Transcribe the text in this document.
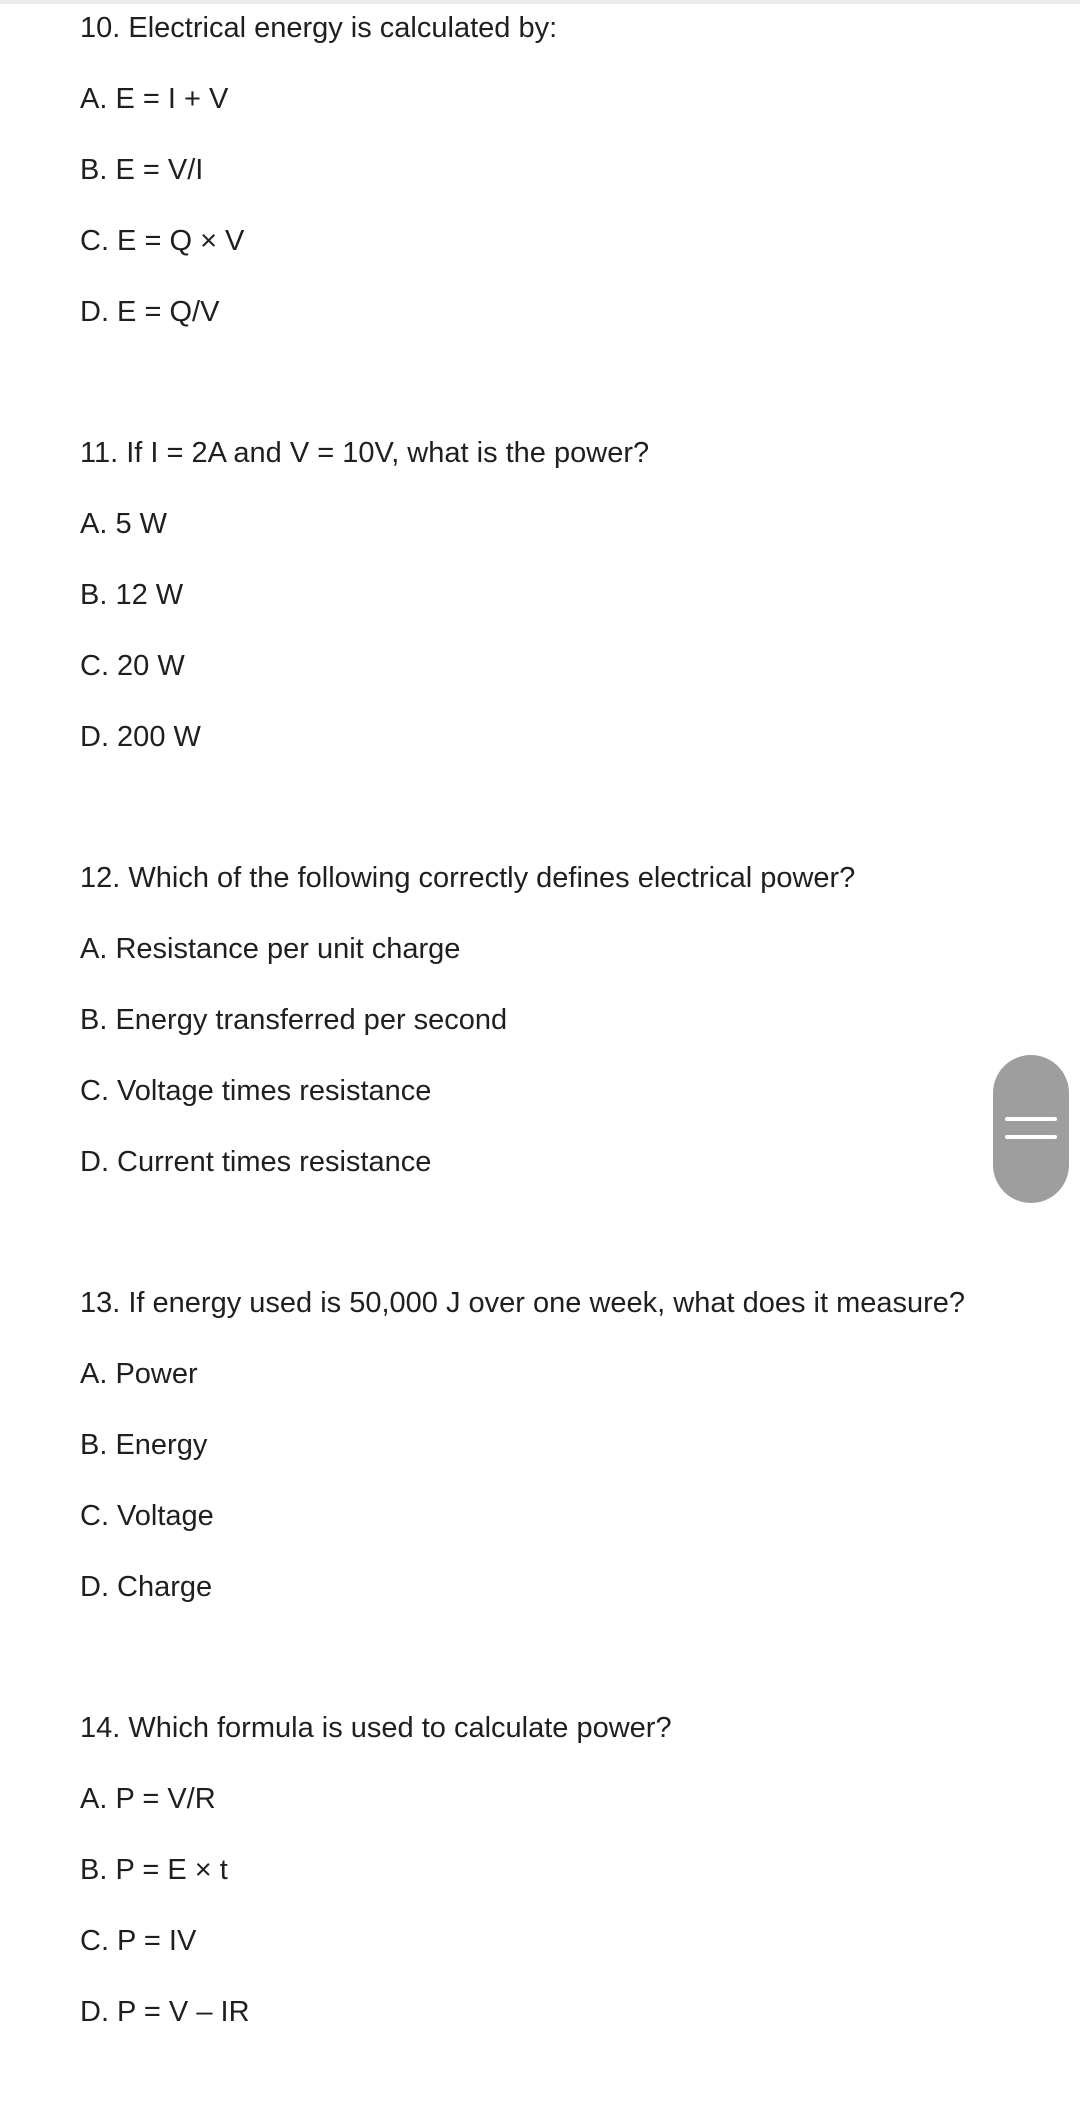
10. Electrical energy is calculated by:
A. E = I + V
B. E = V/I
C. E = Q × V
D. E = Q/V
11. If I = 2A and V = 10V, what is the power?
A. 5 W
B. 12 W
C. 20 W
D. 200 W
12. Which of the following correctly defines electrical power?
A. Resistance per unit charge
B. Energy transferred per second
C. Voltage times resistance
D. Current times resistance
13. If energy used is 50,000 J over one week, what does it measure?
A. Power
B. Energy
C. Voltage
D. Charge
14. Which formula is used to calculate power?
A. P = V/R
B. P = E × t
C. P = IV
D. P = V – IR
